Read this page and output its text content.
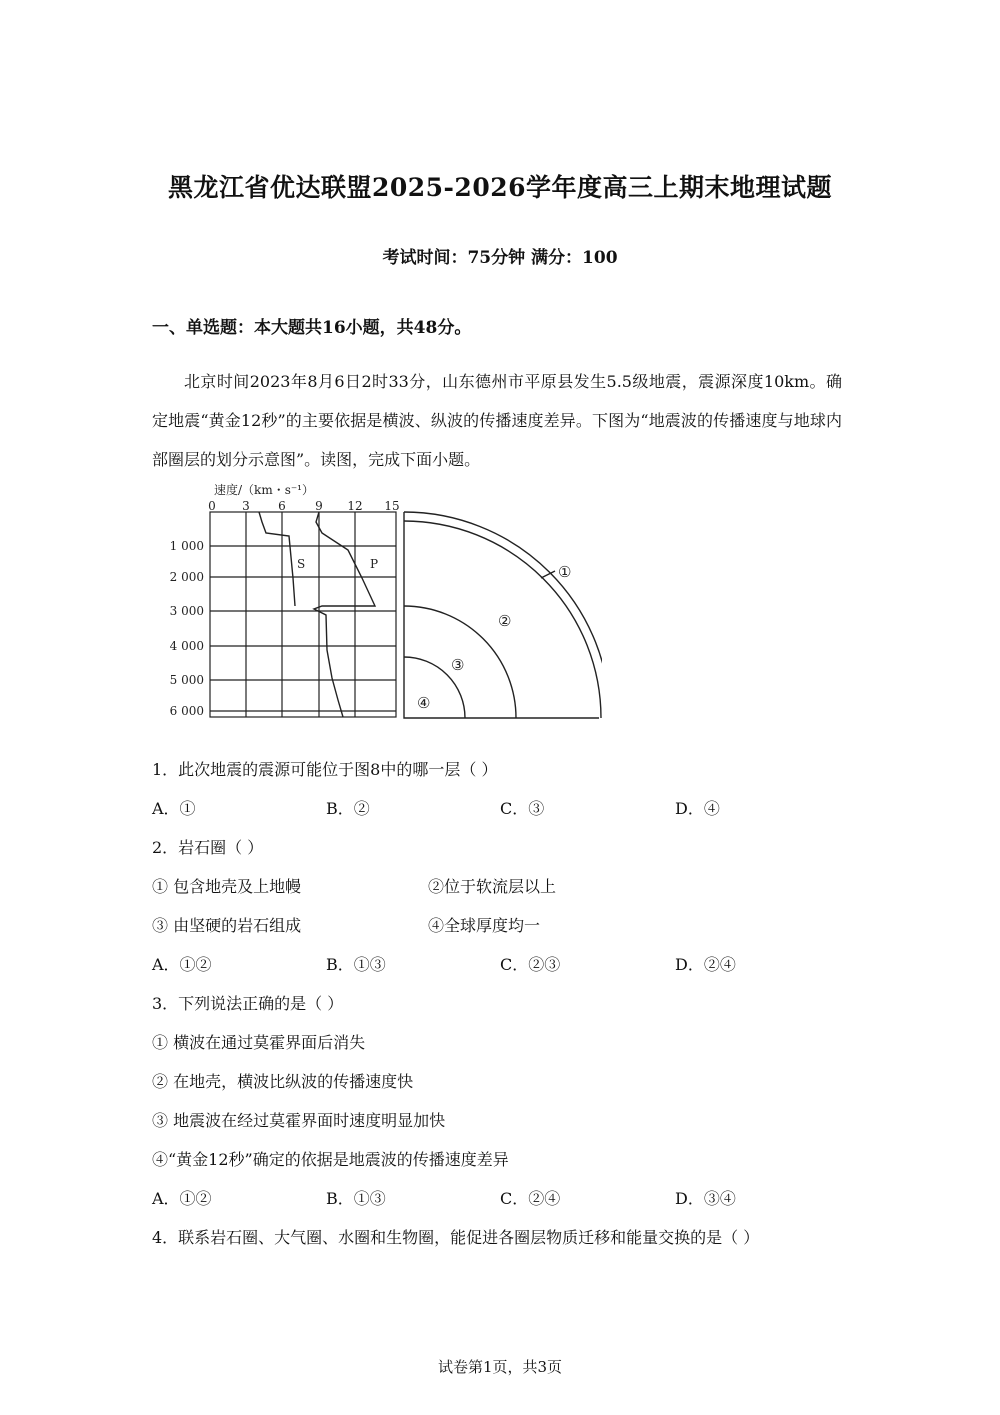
黑龙江省优达联盟2025-2026学年度高三上期末地理试题
考试时间：75分钟 满分：100
一、单选题：本大题共16小题，共48分。
北京时间2023年8月6日2时33分，山东德州市平原县发生5.5级地震，震源深度10km。确定地震“黄金12秒”的主要依据是横波、纵波的传播速度差异。下图为“地震波的传播速度与地球内部圈层的划分示意图”。读图，完成下面小题。
速度/（km・s⁻¹）
0 3 6 9 12 15
1 000
2 000
3 000
4 000
5 000
6 000
S	P	①
②
③
④
1．此次地震的震源可能位于图8中的哪一层（ ）
A．①	B．②	C．③	D．④
2．岩石圈（ ）
① 包含地壳及上地幔	②位于软流层以上
③ 由坚硬的岩石组成	④全球厚度均一
A．①②	B．①③	C．②③	D．②④
3．下列说法正确的是（ ）
① 横波在通过莫霍界面后消失
② 在地壳，横波比纵波的传播速度快
③ 地震波在经过莫霍界面时速度明显加快
④“黄金12秒”确定的依据是地震波的传播速度差异
A．①②	B．①③	C．②④	D．③④
4．联系岩石圈、大气圈、水圈和生物圈，能促进各圈层物质迁移和能量交换的是（ ）
试卷第1页，共3页
